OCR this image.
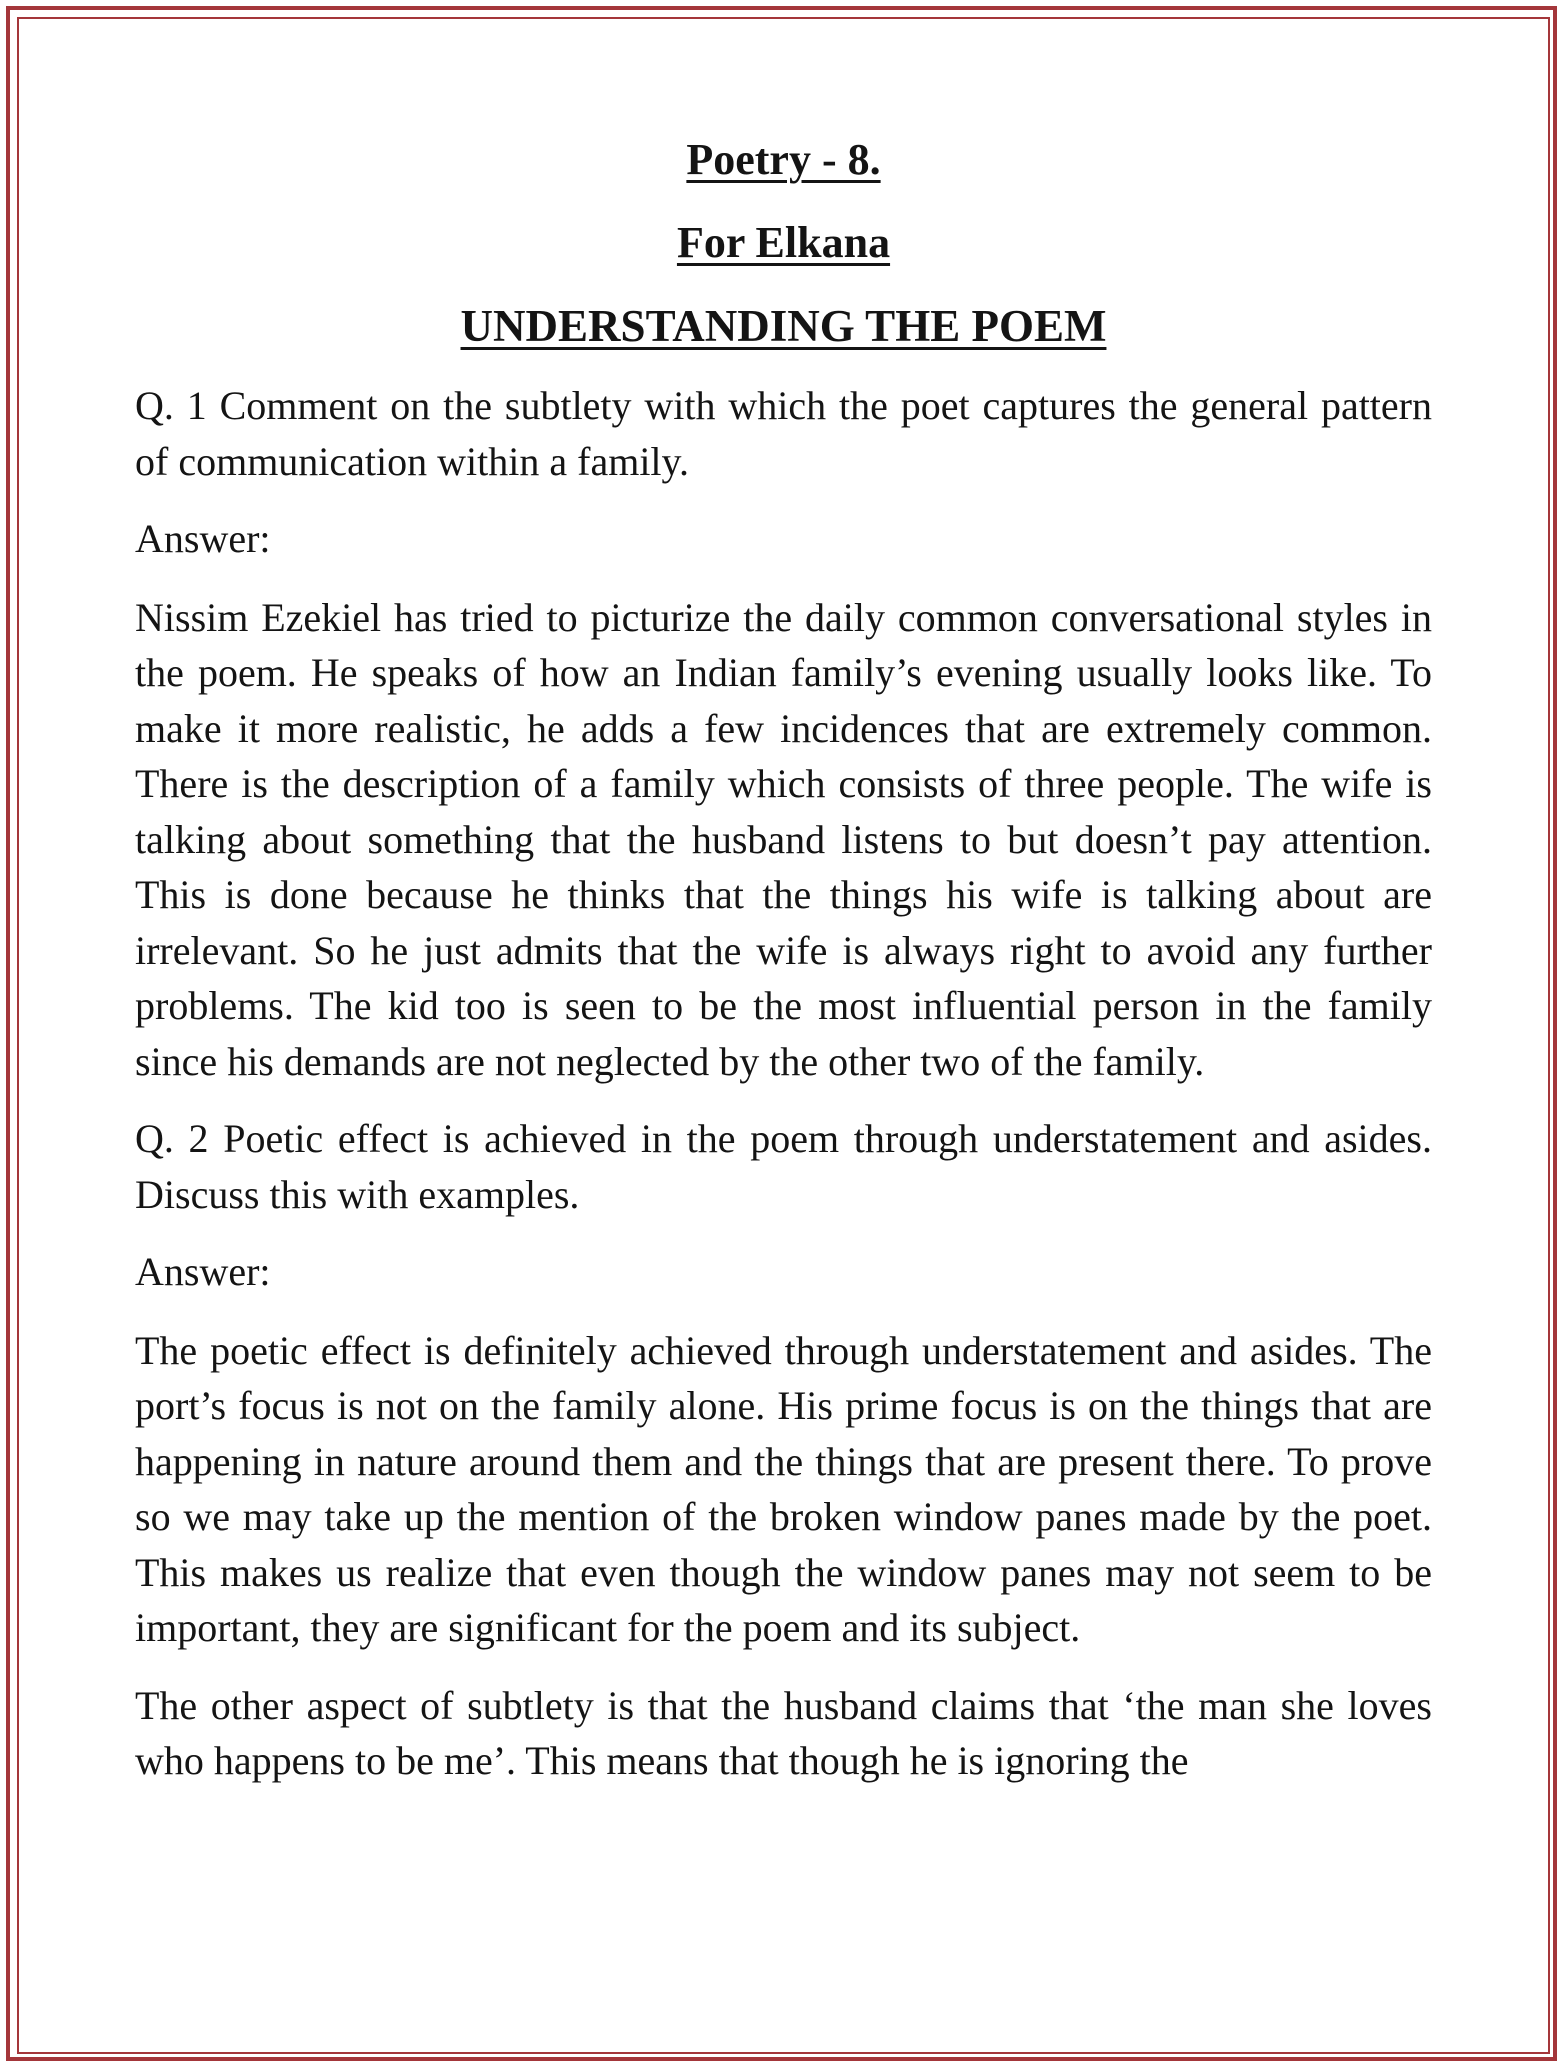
Poetry - 8.
For Elkana
UNDERSTANDING THE POEM

Q. 1 Comment on the subtlety with which the poet captures the general pattern of communication within a family.

Answer:

Nissim Ezekiel has tried to picturize the daily common conversational styles in the poem. He speaks of how an Indian family’s evening usually looks like. To make it more realistic, he adds a few incidences that are extremely common. There is the description of a family which consists of three people. The wife is talking about something that the husband listens to but doesn’t pay attention. This is done because he thinks that the things his wife is talking about are irrelevant. So he just admits that the wife is always right to avoid any further problems. The kid too is seen to be the most influential person in the family since his demands are not neglected by the other two of the family.

Q. 2 Poetic effect is achieved in the poem through understatement and asides. Discuss this with examples.

Answer:

The poetic effect is definitely achieved through understatement and asides. The port’s focus is not on the family alone. His prime focus is on the things that are happening in nature around them and the things that are present there. To prove so we may take up the mention of the broken window panes made by the poet. This makes us realize that even though the window panes may not seem to be important, they are significant for the poem and its subject.

The other aspect of subtlety is that the husband claims that ‘the man she loves who happens to be me’. This means that though he is ignoring the
